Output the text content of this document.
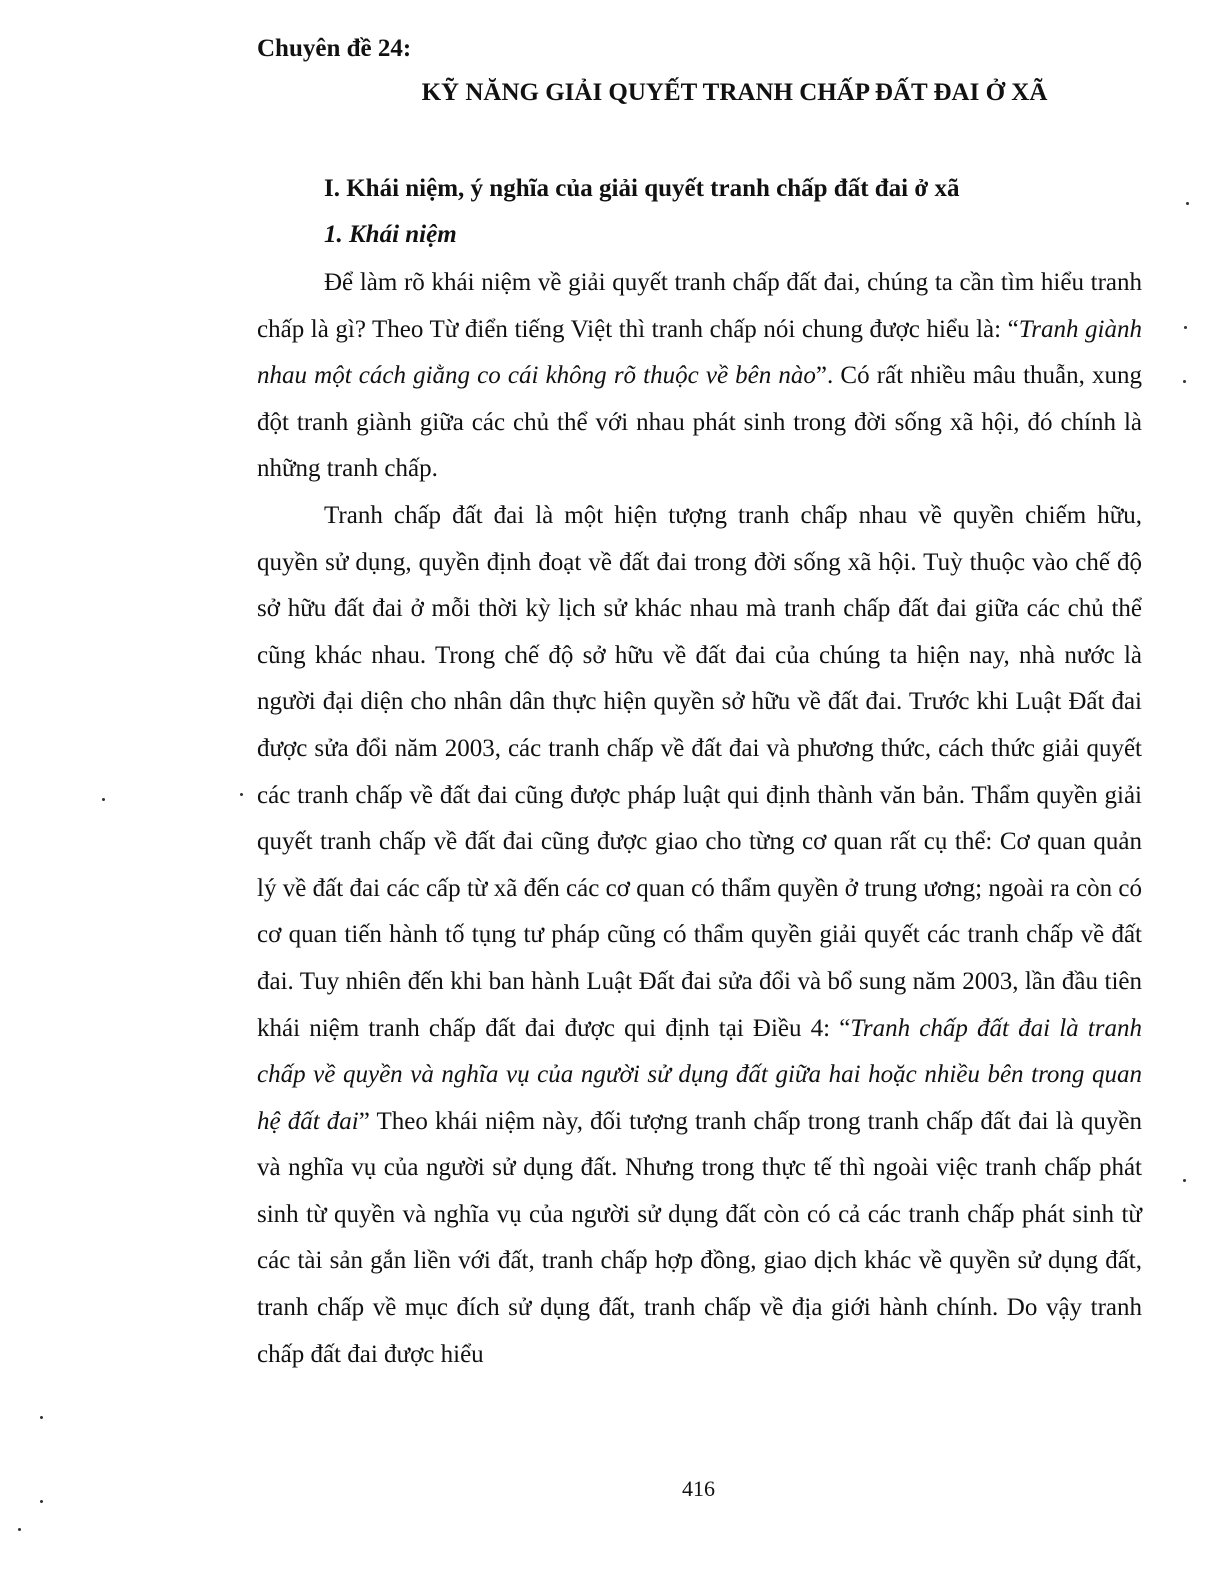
Chuyên đề 24:
KỸ NĂNG GIẢI QUYẾT TRANH CHẤP ĐẤT ĐAI Ở XÃ
I. Khái niệm, ý nghĩa của giải quyết tranh chấp đất đai ở xã
1. Khái niệm

Để làm rõ khái niệm về giải quyết tranh chấp đất đai, chúng ta cần tìm hiểu tranh chấp là gì? Theo Từ điển tiếng Việt thì tranh chấp nói chung được hiểu là: “Tranh giành nhau một cách giằng co cái không rõ thuộc về bên nào”. Có rất nhiều mâu thuẫn, xung đột tranh giành giữa các chủ thể với nhau phát sinh trong đời sống xã hội, đó chính là những tranh chấp.

Tranh chấp đất đai là một hiện tượng tranh chấp nhau về quyền chiếm hữu, quyền sử dụng, quyền định đoạt về đất đai trong đời sống xã hội. Tuỳ thuộc vào chế độ sở hữu đất đai ở mỗi thời kỳ lịch sử khác nhau mà tranh chấp đất đai giữa các chủ thể cũng khác nhau. Trong chế độ sở hữu về đất đai của chúng ta hiện nay, nhà nước là người đại diện cho nhân dân thực hiện quyền sở hữu về đất đai. Trước khi Luật Đất đai được sửa đổi năm 2003, các tranh chấp về đất đai và phương thức, cách thức giải quyết các tranh chấp về đất đai cũng được pháp luật qui định thành văn bản. Thẩm quyền giải quyết tranh chấp về đất đai cũng được giao cho từng cơ quan rất cụ thể: Cơ quan quản lý về đất đai các cấp từ xã đến các cơ quan có thẩm quyền ở trung ương; ngoài ra còn có cơ quan tiến hành tố tụng tư pháp cũng có thẩm quyền giải quyết các tranh chấp về đất đai. Tuy nhiên đến khi ban hành Luật Đất đai sửa đổi và bổ sung năm 2003, lần đầu tiên khái niệm tranh chấp đất đai được qui định tại Điều 4: “Tranh chấp đất đai là tranh chấp về quyền và nghĩa vụ của người sử dụng đất giữa hai hoặc nhiều bên trong quan hệ đất đai” Theo khái niệm này, đối tượng tranh chấp trong tranh chấp đất đai là quyền và nghĩa vụ của người sử dụng đất. Nhưng trong thực tế thì ngoài việc tranh chấp phát sinh từ quyền và nghĩa vụ của người sử dụng đất còn có cả các tranh chấp phát sinh từ các tài sản gắn liền với đất, tranh chấp hợp đồng, giao dịch khác về quyền sử dụng đất, tranh chấp về mục đích sử dụng đất, tranh chấp về địa giới hành chính. Do vậy tranh chấp đất đai được hiểu

416
